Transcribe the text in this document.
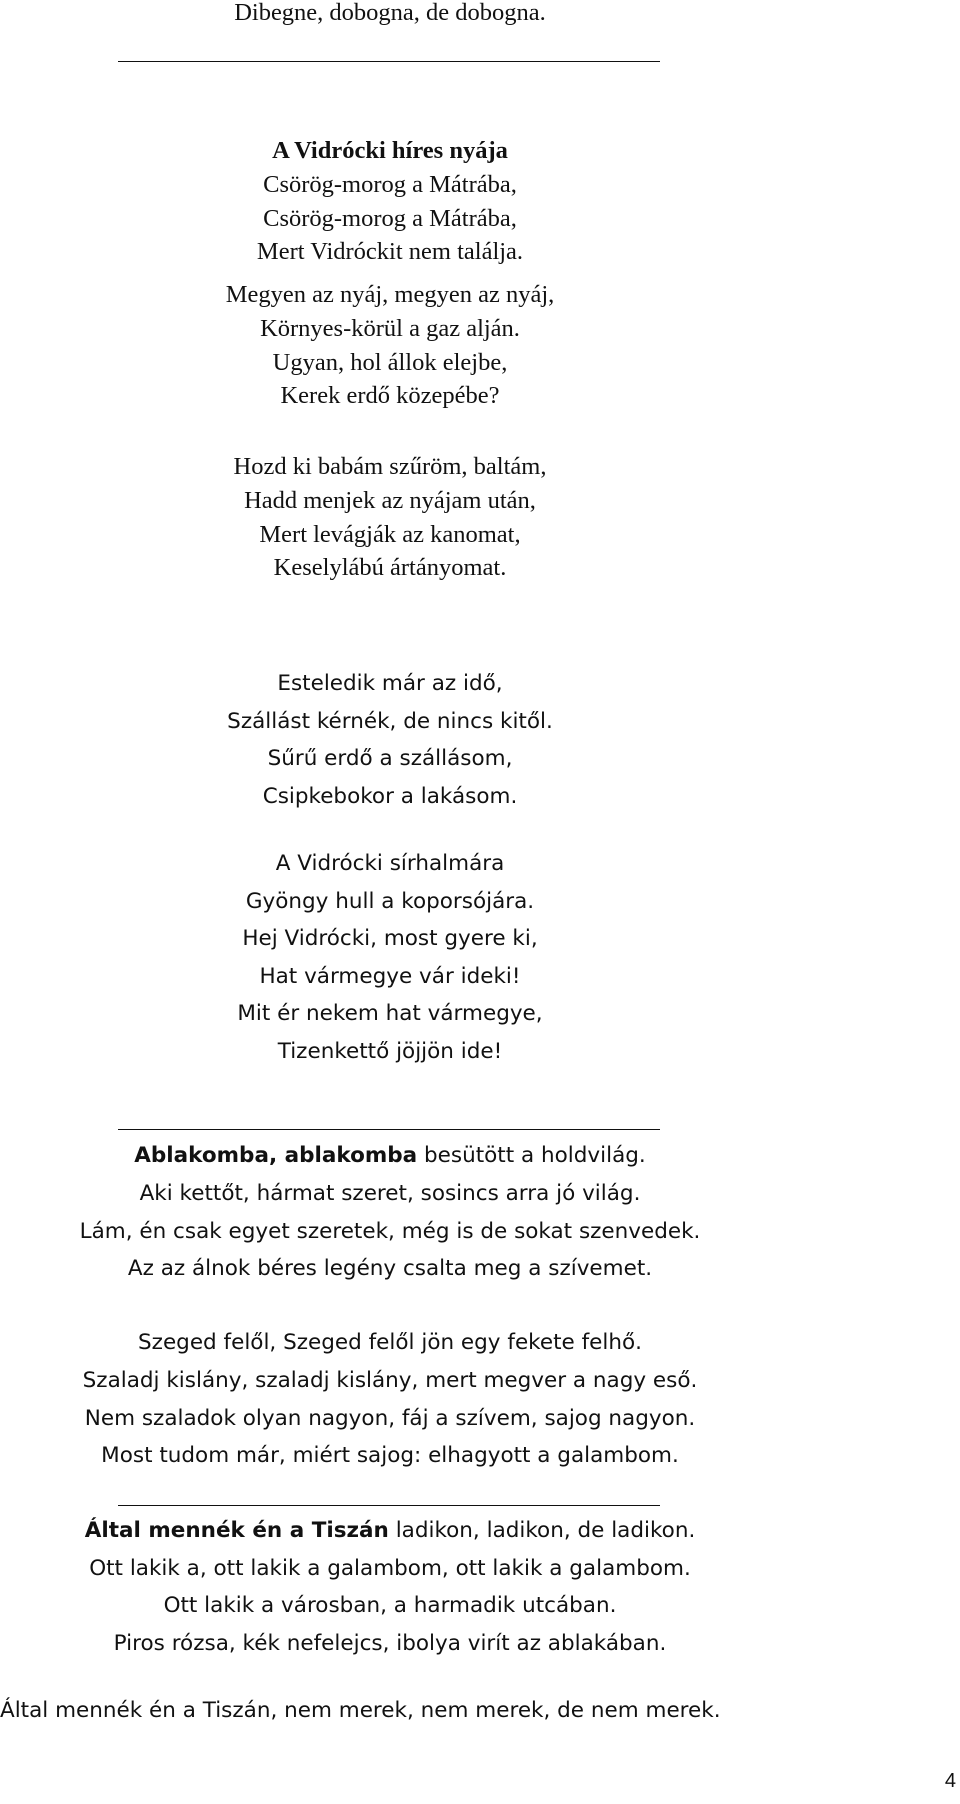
Dibegne, dobogna, de dobogna.
A Vidrócki híres nyája
Csörög-morog a Mátrába,
Csörög-morog a Mátrába,
Mert Vidróckit nem találja.
Megyen az nyáj, megyen az nyáj,
Környes-körül a gaz alján.
Ugyan, hol állok elejbe,
Kerek erdő közepébe?
Hozd ki babám szűröm, baltám,
Hadd menjek az nyájam után,
Mert levágják az kanomat,
Keselylábú ártányomat.
Esteledik már az idő,
Szállást kérnék, de nincs kitől.
Sűrű erdő a szállásom,
Csipkebokor a lakásom.
A Vidrócki sírhalmára
Gyöngy hull a koporsójára.
Hej Vidrócki, most gyere ki,
Hat vármegye vár ideki!
Mit ér nekem hat vármegye,
Tizenkettő jöjjön ide!
Ablakomba, ablakomba besütött a holdvilág.
Aki kettőt, hármat szeret, sosincs arra jó világ.
Lám, én csak egyet szeretek, még is de sokat szenvedek.
Az az álnok béres legény csalta meg a szívemet.
Szeged felől, Szeged felől jön egy fekete felhő.
Szaladj kislány, szaladj kislány, mert megver a nagy eső.
Nem szaladok olyan nagyon, fáj a szívem, sajog nagyon.
Most tudom már, miért sajog: elhagyott a galambom.
Által mennék én a Tiszán ladikon, ladikon, de ladikon.
Ott lakik a, ott lakik a galambom, ott lakik a galambom.
Ott lakik a városban, a harmadik utcában.
Piros rózsa, kék nefelejcs, ibolya virít az ablakában.
Által mennék én a Tiszán, nem merek, nem merek, de nem merek.
4
